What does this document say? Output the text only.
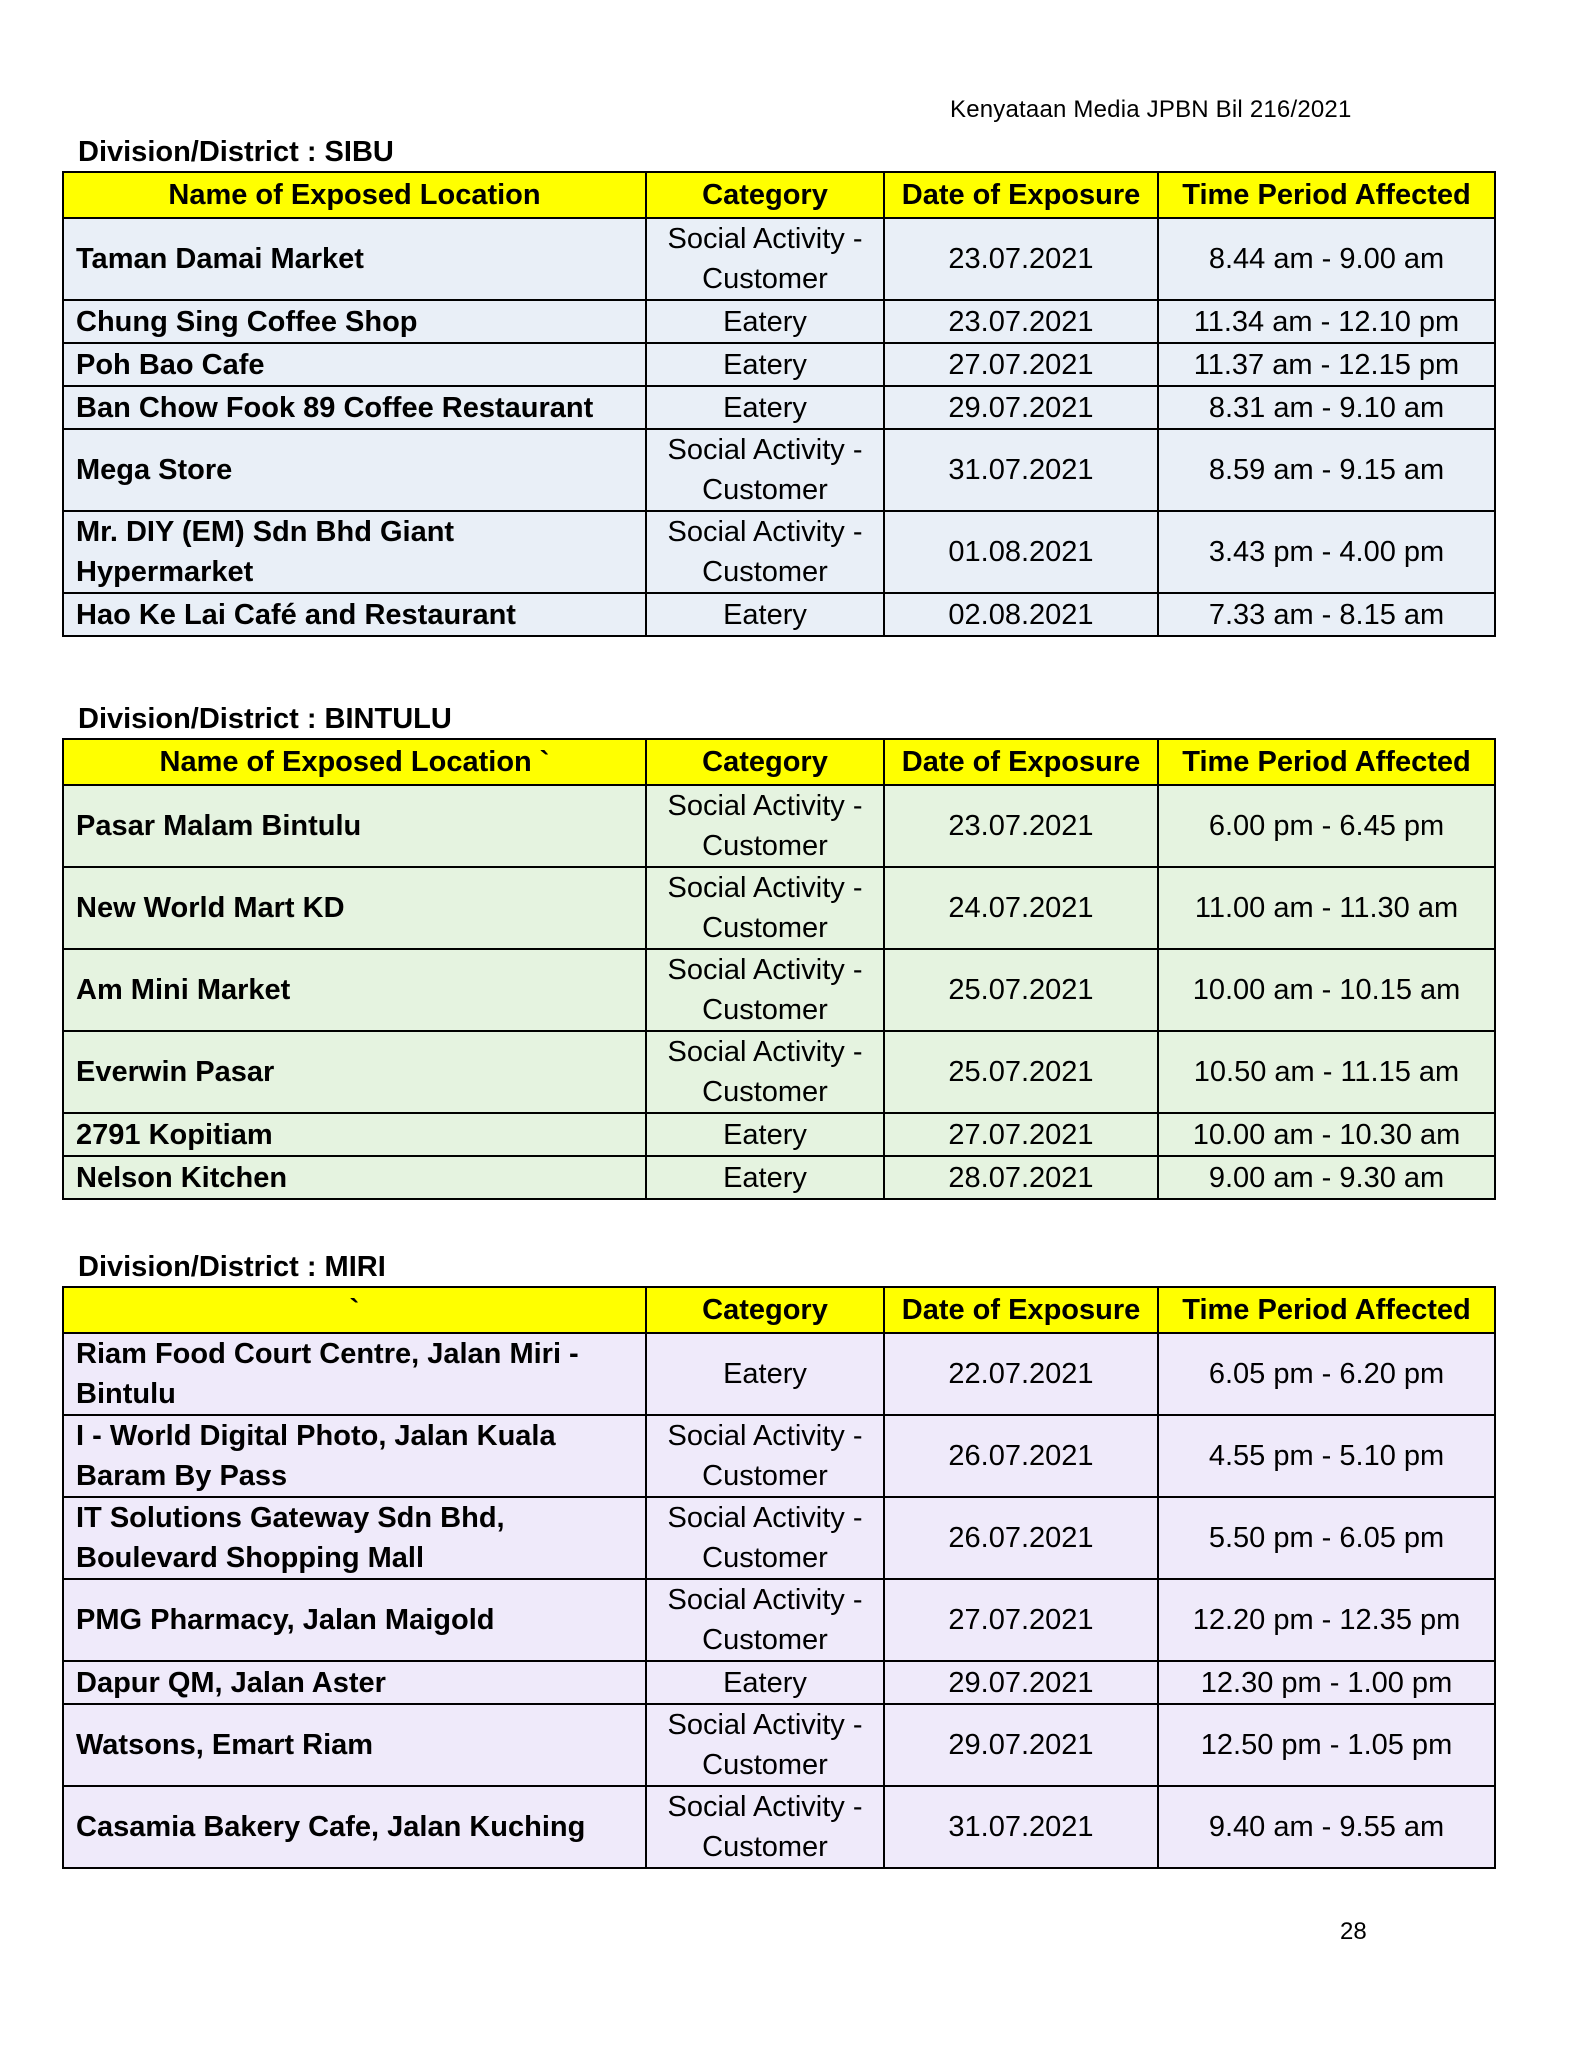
Kenyataan Media JPBN Bil 216/2021
Division/District : SIBU
Name of Exposed Location	Category	Date of Exposure	Time Period Affected
Taman Damai Market	Social Activity - Customer	23.07.2021	8.44 am - 9.00 am
Chung Sing Coffee Shop	Eatery	23.07.2021	11.34 am - 12.10 pm
Poh Bao Cafe	Eatery	27.07.2021	11.37 am - 12.15 pm
Ban Chow Fook 89 Coffee Restaurant	Eatery	29.07.2021	8.31 am - 9.10 am
Mega Store	Social Activity - Customer	31.07.2021	8.59 am - 9.15 am
Mr. DIY (EM) Sdn Bhd Giant Hypermarket	Social Activity - Customer	01.08.2021	3.43 pm - 4.00 pm
Hao Ke Lai Café and Restaurant	Eatery	02.08.2021	7.33 am - 8.15 am
Division/District : BINTULU
Name of Exposed Location `	Category	Date of Exposure	Time Period Affected
Pasar Malam Bintulu	Social Activity - Customer	23.07.2021	6.00 pm - 6.45 pm
New World Mart KD	Social Activity - Customer	24.07.2021	11.00 am - 11.30 am
Am Mini Market	Social Activity - Customer	25.07.2021	10.00 am - 10.15 am
Everwin Pasar	Social Activity - Customer	25.07.2021	10.50 am - 11.15 am
2791 Kopitiam	Eatery	27.07.2021	10.00 am - 10.30 am
Nelson Kitchen	Eatery	28.07.2021	9.00 am - 9.30 am
Division/District : MIRI
`	Category	Date of Exposure	Time Period Affected
Riam Food Court Centre, Jalan Miri - Bintulu	Eatery	22.07.2021	6.05 pm - 6.20 pm
I - World Digital Photo, Jalan Kuala Baram By Pass	Social Activity - Customer	26.07.2021	4.55 pm - 5.10 pm
IT Solutions Gateway Sdn Bhd, Boulevard Shopping Mall	Social Activity - Customer	26.07.2021	5.50 pm - 6.05 pm
PMG Pharmacy, Jalan Maigold	Social Activity - Customer	27.07.2021	12.20 pm - 12.35 pm
Dapur QM, Jalan Aster	Eatery	29.07.2021	12.30 pm - 1.00 pm
Watsons, Emart Riam	Social Activity - Customer	29.07.2021	12.50 pm - 1.05 pm
Casamia Bakery Cafe, Jalan Kuching	Social Activity - Customer	31.07.2021	9.40 am - 9.55 am
28
